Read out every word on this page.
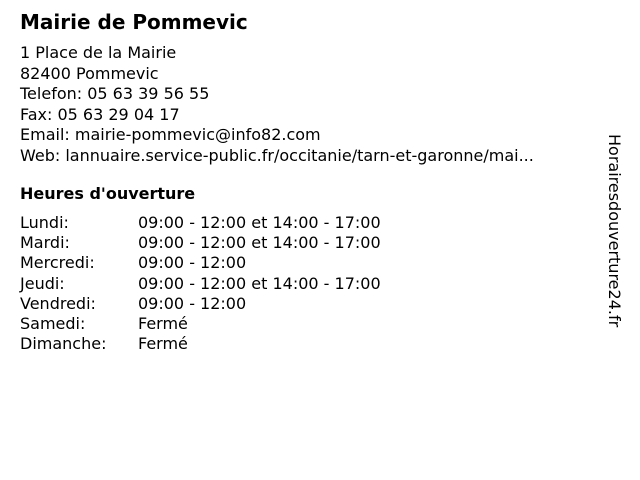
Mairie de Pommevic
1 Place de la Mairie
82400 Pommevic
Telefon: 05 63 39 56 55
Fax: 05 63 29 04 17
Email: mairie-pommevic@info82.com
Web: lannuaire.service-public.fr/occitanie/tarn-et-garonne/mai...
Heures d'ouverture
Lundi:	09:00 - 12:00 et 14:00 - 17:00
Mardi:	09:00 - 12:00 et 14:00 - 17:00
Mercredi:	09:00 - 12:00
Jeudi:	09:00 - 12:00 et 14:00 - 17:00
Vendredi:	09:00 - 12:00
Samedi:	Fermé
Dimanche: Fermé
Horairesdouverture24.fr
